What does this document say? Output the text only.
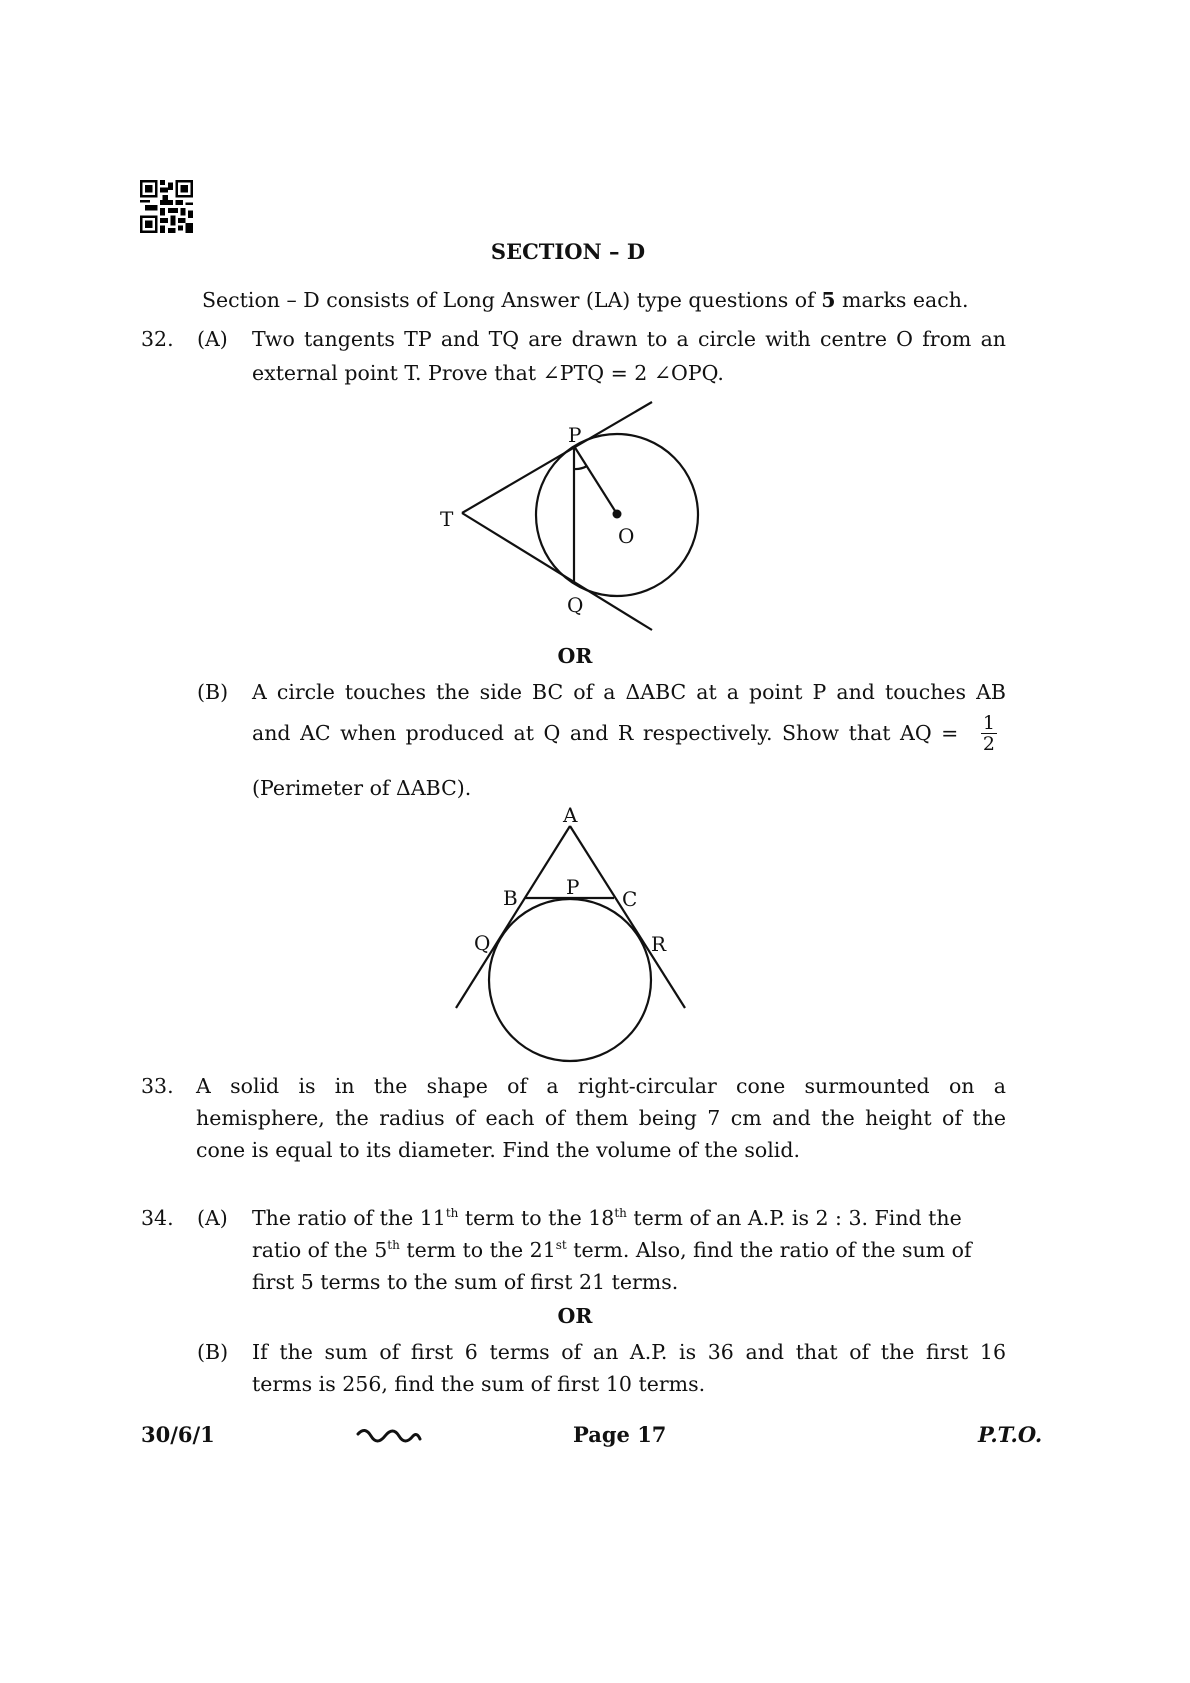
SECTION – D
Section – D consists of Long Answer (LA) type questions of 5 marks each.
32. (A) Two tangents TP and TQ are drawn to a circle with centre O from an
external point T. Prove that ∠PTQ = 2 ∠OPQ.
P
T
O
Q
OR
(B) A circle touches the side BC of a ΔABC at a point P and touches AB
and AC when produced at Q and R respectively. Show that AQ = $\frac{1}{2}$
(Perimeter of ΔABC).
A
B P C
Q	R
33. A solid is in the shape of a right-circular cone surmounted on a
hemisphere, the radius of each of them being 7 cm and the height of the
cone is equal to its diameter. Find the volume of the solid.
34. (A) The ratio of the 11th term to the 18th term of an A.P. is 2 : 3. Find the
ratio of the 5th term to the 21st term. Also, find the ratio of the sum of
first 5 terms to the sum of first 21 terms.
OR
(B) If the sum of first 6 terms of an A.P. is 36 and that of the first 16
terms is 256, find the sum of first 10 terms.
30/6/1	Page 17	P.T.O.
